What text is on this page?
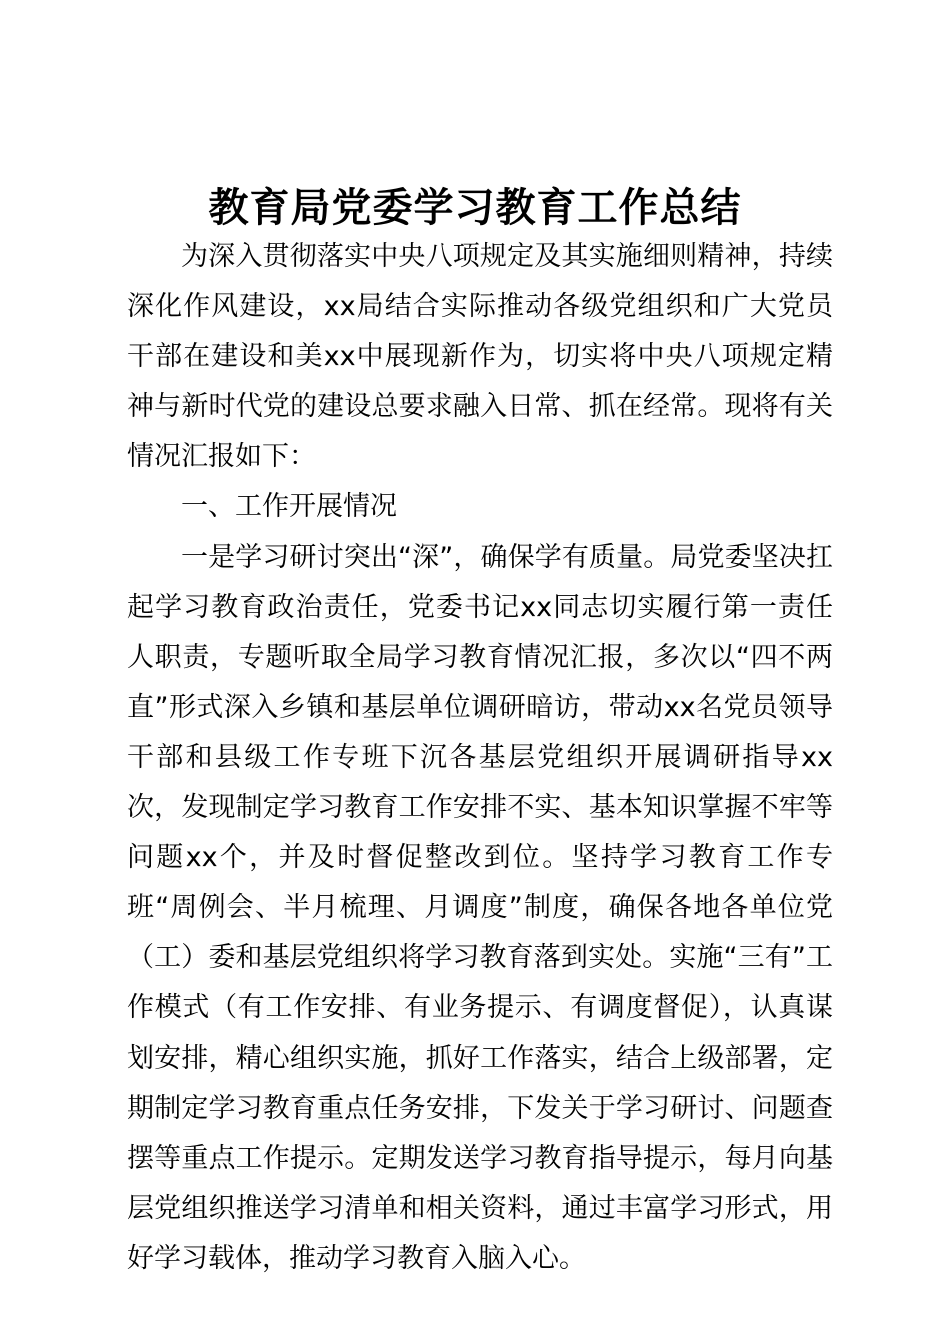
教育局党委学习教育工作总结

为深入贯彻落实中央八项规定及其实施细则精神，持续深化作风建设，xx局结合实际推动各级党组织和广大党员干部在建设和美xx中展现新作为，切实将中央八项规定精神与新时代党的建设总要求融入日常、抓在经常。现将有关情况汇报如下：

一、工作开展情况

一是学习研讨突出“深”，确保学有质量。局党委坚决扛起学习教育政治责任，党委书记xx同志切实履行第一责任人职责，专题听取全局学习教育情况汇报，多次以“四不两直”形式深入乡镇和基层单位调研暗访，带动xx名党员领导干部和县级工作专班下沉各基层党组织开展调研指导xx次，发现制定学习教育工作安排不实、基本知识掌握不牢等问题xx个，并及时督促整改到位。坚持学习教育工作专班“周例会、半月梳理、月调度”制度，确保各地各单位党（工）委和基层党组织将学习教育落到实处。实施“三有”工作模式（有工作安排、有业务提示、有调度督促），认真谋划安排，精心组织实施，抓好工作落实，结合上级部署，定期制定学习教育重点任务安排，下发关于学习研讨、问题查摆等重点工作提示。定期发送学习教育指导提示，每月向基层党组织推送学习清单和相关资料，通过丰富学习形式，用好学习载体，推动学习教育入脑入心。
